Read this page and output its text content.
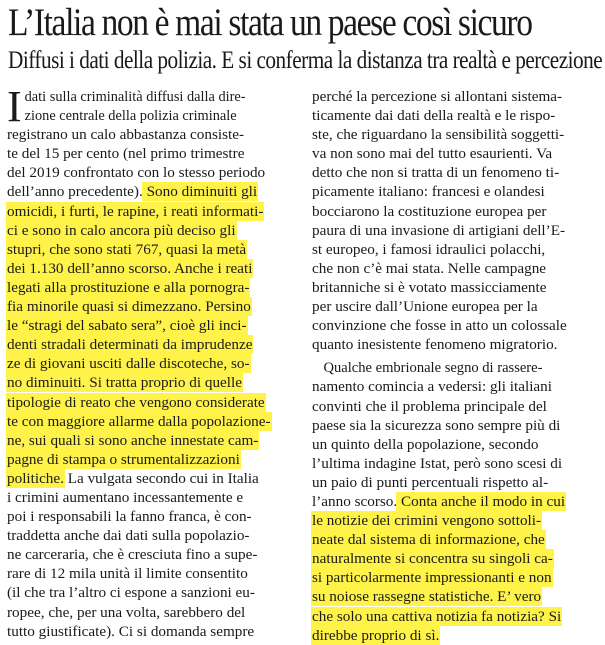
L’Italia non è mai stata un paese così sicuro
Diffusi i dati della polizia. E si conferma la distanza tra realtà e percezione
I dati sulla criminalità diffusi dalla dire-
zione centrale della polizia criminale
registrano un calo abbastanza consiste-
te del 15 per cento (nel primo trimestre
del 2019 confrontato con lo stesso periodo
dell’anno precedente). Sono diminuiti gli
omicidi, i furti, le rapine, i reati informati-
ci e sono in calo ancora più deciso gli
stupri, che sono stati 767, quasi la metà
dei 1.130 dell’anno scorso. Anche i reati
legati alla prostituzione e alla pornogra-
fia minorile quasi si dimezzano. Persino
le “stragi del sabato sera”, cioè gli inci-
denti stradali determinati da imprudenze
ze di giovani usciti dalle discoteche, so-
no diminuiti. Si tratta proprio di quelle
tipologie di reato che vengono considerate
te con maggiore allarme dalla popolazione-
ne, sui quali si sono anche innestate cam-
pagne di stampa o strumentalizzazioni
politiche. La vulgata secondo cui in Italia
i crimini aumentano incessantemente e
poi i responsabili la fanno franca, è con-
traddetta anche dai dati sulla popolazio-
ne carceraria, che è cresciuta fino a supe-
rare di 12 mila unità il limite consentito
(il che tra l’altro ci espone a sanzioni eu-
ropee, che, per una volta, sarebbero del
tutto giustificate). Ci si domanda sempre
perché la percezione si allontani sistema-
ticamente dai dati della realtà e le rispo-
ste, che riguardano la sensibilità soggetti-
va non sono mai del tutto esaurienti. Va
detto che non si tratta di un fenomeno ti-
picamente italiano: francesi e olandesi
bocciarono la costituzione europea per
paura di una invasione di artigiani dell’E-
st europeo, i famosi idraulici polacchi,
che non c’è mai stata. Nelle campagne
britanniche si è votato massicciamente
per uscire dall’Unione europea per la
convinzione che fosse in atto un colossale
quanto inesistente fenomeno migratorio.
Qualche embrionale segno di rassere-
namento comincia a vedersi: gli italiani
convinti che il problema principale del
paese sia la sicurezza sono sempre più di
un quinto della popolazione, secondo
l’ultima indagine Istat, però sono scesi di
un paio di punti percentuali rispetto al-
l’anno scorso. Conta anche il modo in cui
le notizie dei crimini vengono sottoli-
neate dal sistema di informazione, che
naturalmente si concentra su singoli ca-
si particolarmente impressionanti e non
su noiose rassegne statistiche. E’ vero
che solo una cattiva notizia fa notizia? Si
direbbe proprio di sì.
